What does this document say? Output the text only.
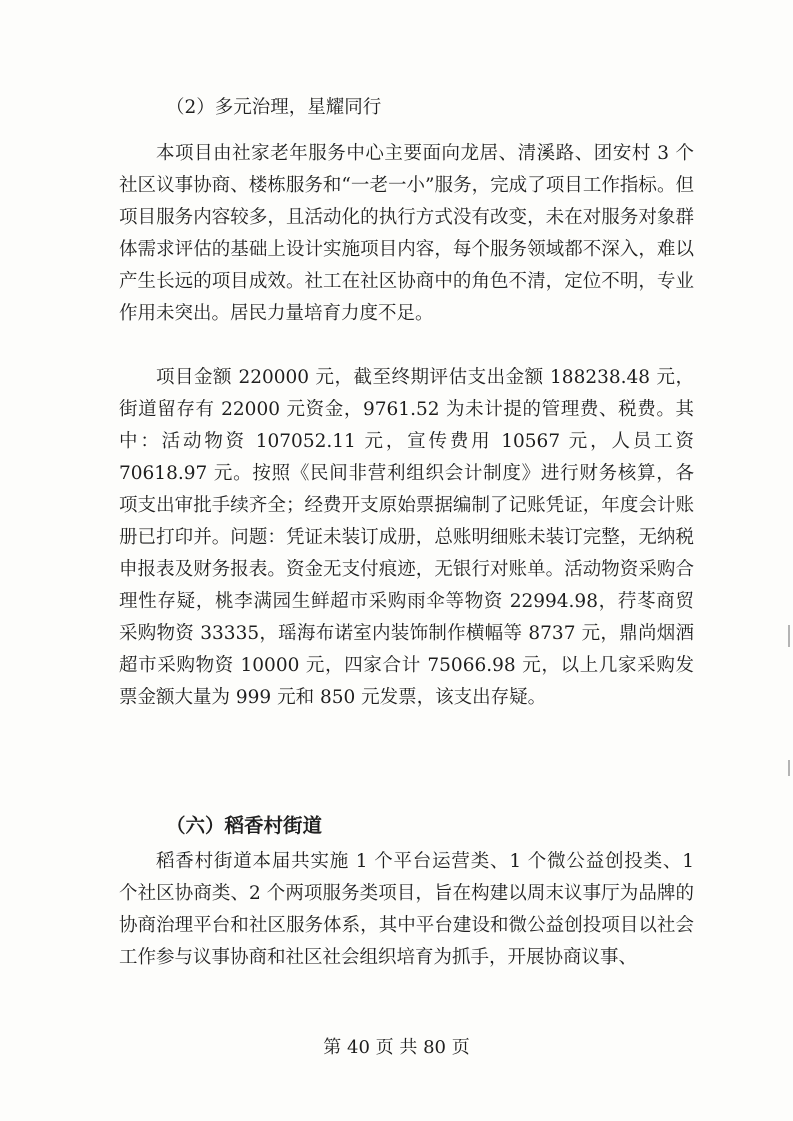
（2）多元治理，星耀同行

本项目由社家老年服务中心主要面向龙居、清溪路、团安村 3 个社区议事协商、楼栋服务和“一老一小”服务，完成了项目工作指标。但项目服务内容较多，且活动化的执行方式没有改变，未在对服务对象群体需求评估的基础上设计实施项目内容，每个服务领域都不深入，难以产生长远的项目成效。社工在社区协商中的角色不清，定位不明，专业作用未突出。居民力量培育力度不足。

项目金额 220000 元，截至终期评估支出金额 188238.48 元，街道留存有 22000 元资金，9761.52 为未计提的管理费、税费。其中：活动物资 107052.11 元，宣传费用 10567 元，人员工资 70618.97 元。按照《民间非营利组织会计制度》进行财务核算，各项支出审批手续齐全；经费开支原始票据编制了记账凭证，年度会计账册已打印并。问题：凭证未装订成册，总账明细账未装订完整，无纳税申报表及财务报表。资金无支付痕迹，无银行对账单。活动物资采购合理性存疑，桃李满园生鲜超市采购雨伞等物资 22994.98，荇苳商贸采购物资 33335，瑶海布诺室内装饰制作横幅等 8737 元，鼎尚烟酒超市采购物资 10000 元，四家合计 75066.98 元，以上几家采购发票金额大量为 999 元和 850 元发票，该支出存疑。

（六）稻香村街道

稻香村街道本届共实施 1 个平台运营类、1 个微公益创投类、1 个社区协商类、2 个两项服务类项目，旨在构建以周末议事厅为品牌的协商治理平台和社区服务体系，其中平台建设和微公益创投项目以社会工作参与议事协商和社区社会组织培育为抓手，开展协商议事、

第 40 页 共 80 页
